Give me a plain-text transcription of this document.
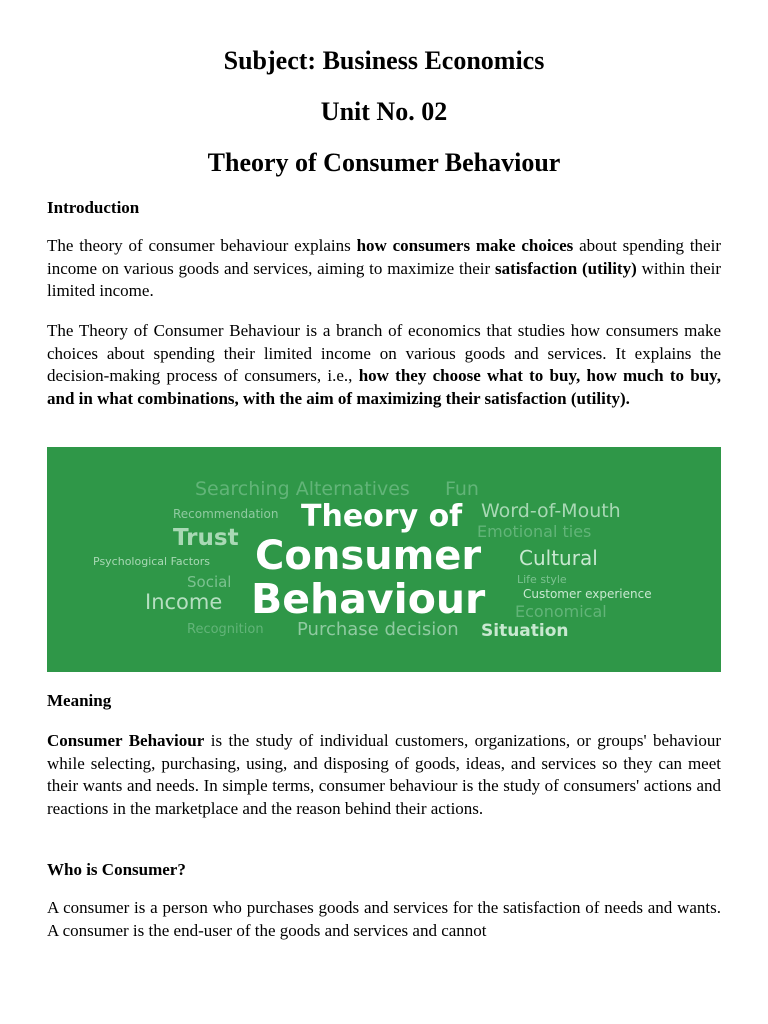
Subject: Business Economics
Unit No. 02
Theory of Consumer Behaviour
Introduction

The theory of consumer behaviour explains how consumers make choices about spending their income on various goods and services, aiming to maximize their satisfaction (utility) within their limited income.

The Theory of Consumer Behaviour is a branch of economics that studies how consumers make choices about spending their limited income on various goods and services. It explains the decision-making process of consumers, i.e., how they choose what to buy, how much to buy, and in what combinations, with the aim of maximizing their satisfaction (utility).

Searching Alternatives Fun
Recommendation	Word-of-Mouth
Trust	Emotional ties
Psychological Factors	Cultural
Social	Life style
Customer experience
Income	Economical
Recognition Purchase decision Situation
Theory of
Consumer
Behaviour
Meaning

Consumer Behaviour is the study of individual customers, organizations, or groups' behaviour while selecting, purchasing, using, and disposing of goods, ideas, and services so they can meet their wants and needs. In simple terms, consumer behaviour is the study of consumers' actions and reactions in the marketplace and the reason behind their actions.

Who is Consumer?

A consumer is a person who purchases goods and services for the satisfaction of needs and wants. A consumer is the end-user of the goods and services and cannot
